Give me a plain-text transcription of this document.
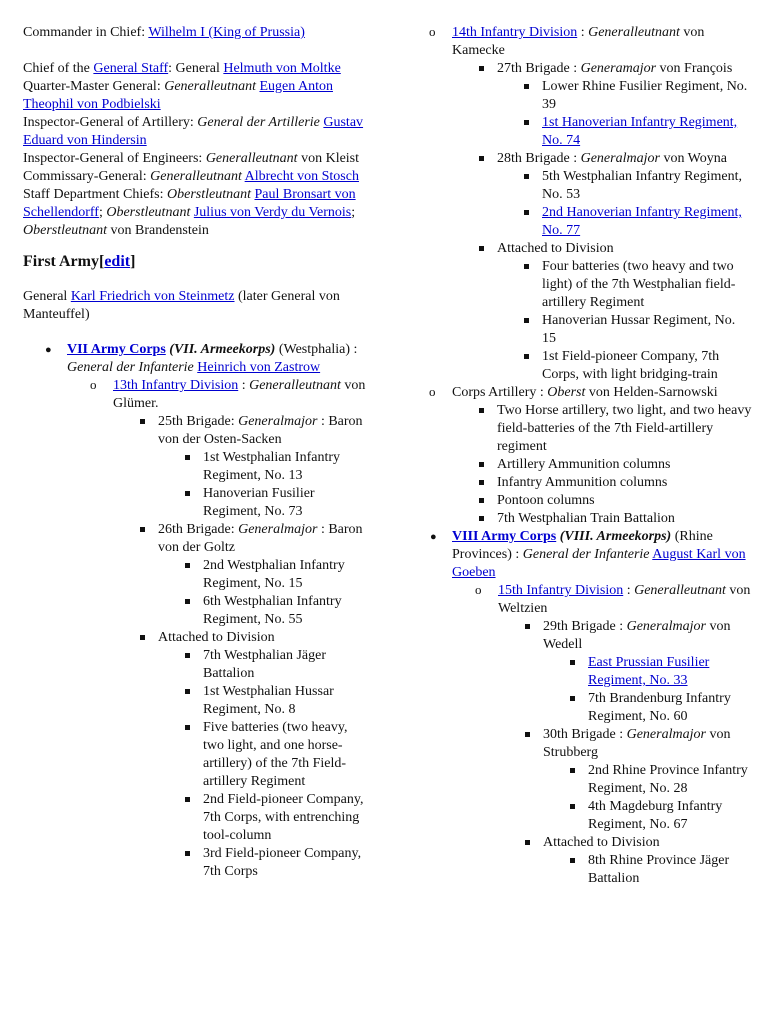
Commander in Chief: Wilhelm I (King of Prussia)

Chief of the General Staff: General Helmuth von Moltke

Quarter-Master General: Generalleutnant Eugen Anton Theophil von Podbielski

Inspector-General of Artillery: General der Artillerie Gustav Eduard von Hindersin

Inspector-General of Engineers: Generalleutnant von Kleist

Commissary-General: Generalleutnant Albrecht von Stosch

Staff Department Chiefs: Oberstleutnant Paul Bronsart von Schellendorff; Oberstleutnant Julius von Verdy du Vernois; Oberstleutnant von Brandenstein

First Army[edit]

General Karl Friedrich von Steinmetz (later General von Manteuffel)

● VII Army Corps (VII. Armeekorps) (Westphalia) : General der Infanterie Heinrich von Zastrow
o 13th Infantry Division : Generalleutnant von Glümer.
25th Brigade: Generalmajor : Baron von der Osten-Sacken
1st Westphalian Infantry Regiment, No. 13
Hanoverian Fusilier Regiment, No. 73
26th Brigade: Generalmajor : Baron von der Goltz
2nd Westphalian Infantry Regiment, No. 15
6th Westphalian Infantry Regiment, No. 55
Attached to Division
7th Westphalian Jäger Battalion
1st Westphalian Hussar Regiment, No. 8
Five batteries (two heavy, two light, and one horse-artillery) of the 7th Field-artillery Regiment
2nd Field-pioneer Company, 7th Corps, with entrenching tool-column
3rd Field-pioneer Company, 7th Corps
o 14th Infantry Division : Generalleutnant von Kamecke
27th Brigade : Generamajor von François
Lower Rhine Fusilier Regiment, No. 39
1st Hanoverian Infantry Regiment, No. 74
28th Brigade : Generalmajor von Woyna
5th Westphalian Infantry Regiment, No. 53
2nd Hanoverian Infantry Regiment, No. 77
Attached to Division
Four batteries (two heavy and two light) of the 7th Westphalian field-artillery Regiment
Hanoverian Hussar Regiment, No. 15
1st Field-pioneer Company, 7th Corps, with light bridging-train
o Corps Artillery : Oberst von Helden-Sarnowski
Two Horse artillery, two light, and two heavy field-batteries of the 7th Field-artillery regiment
Artillery Ammunition columns
Infantry Ammunition columns
Pontoon columns
7th Westphalian Train Battalion
● VIII Army Corps (VIII. Armeekorps) (Rhine Provinces) : General der Infanterie August Karl von Goeben
o 15th Infantry Division : Generalleutnant von Weltzien
29th Brigade : Generalmajor von Wedell
East Prussian Fusilier Regiment, No. 33
7th Brandenburg Infantry Regiment, No. 60
30th Brigade : Generalmajor von Strubberg
2nd Rhine Province Infantry Regiment, No. 28
4th Magdeburg Infantry Regiment, No. 67
Attached to Division
8th Rhine Province Jäger Battalion
